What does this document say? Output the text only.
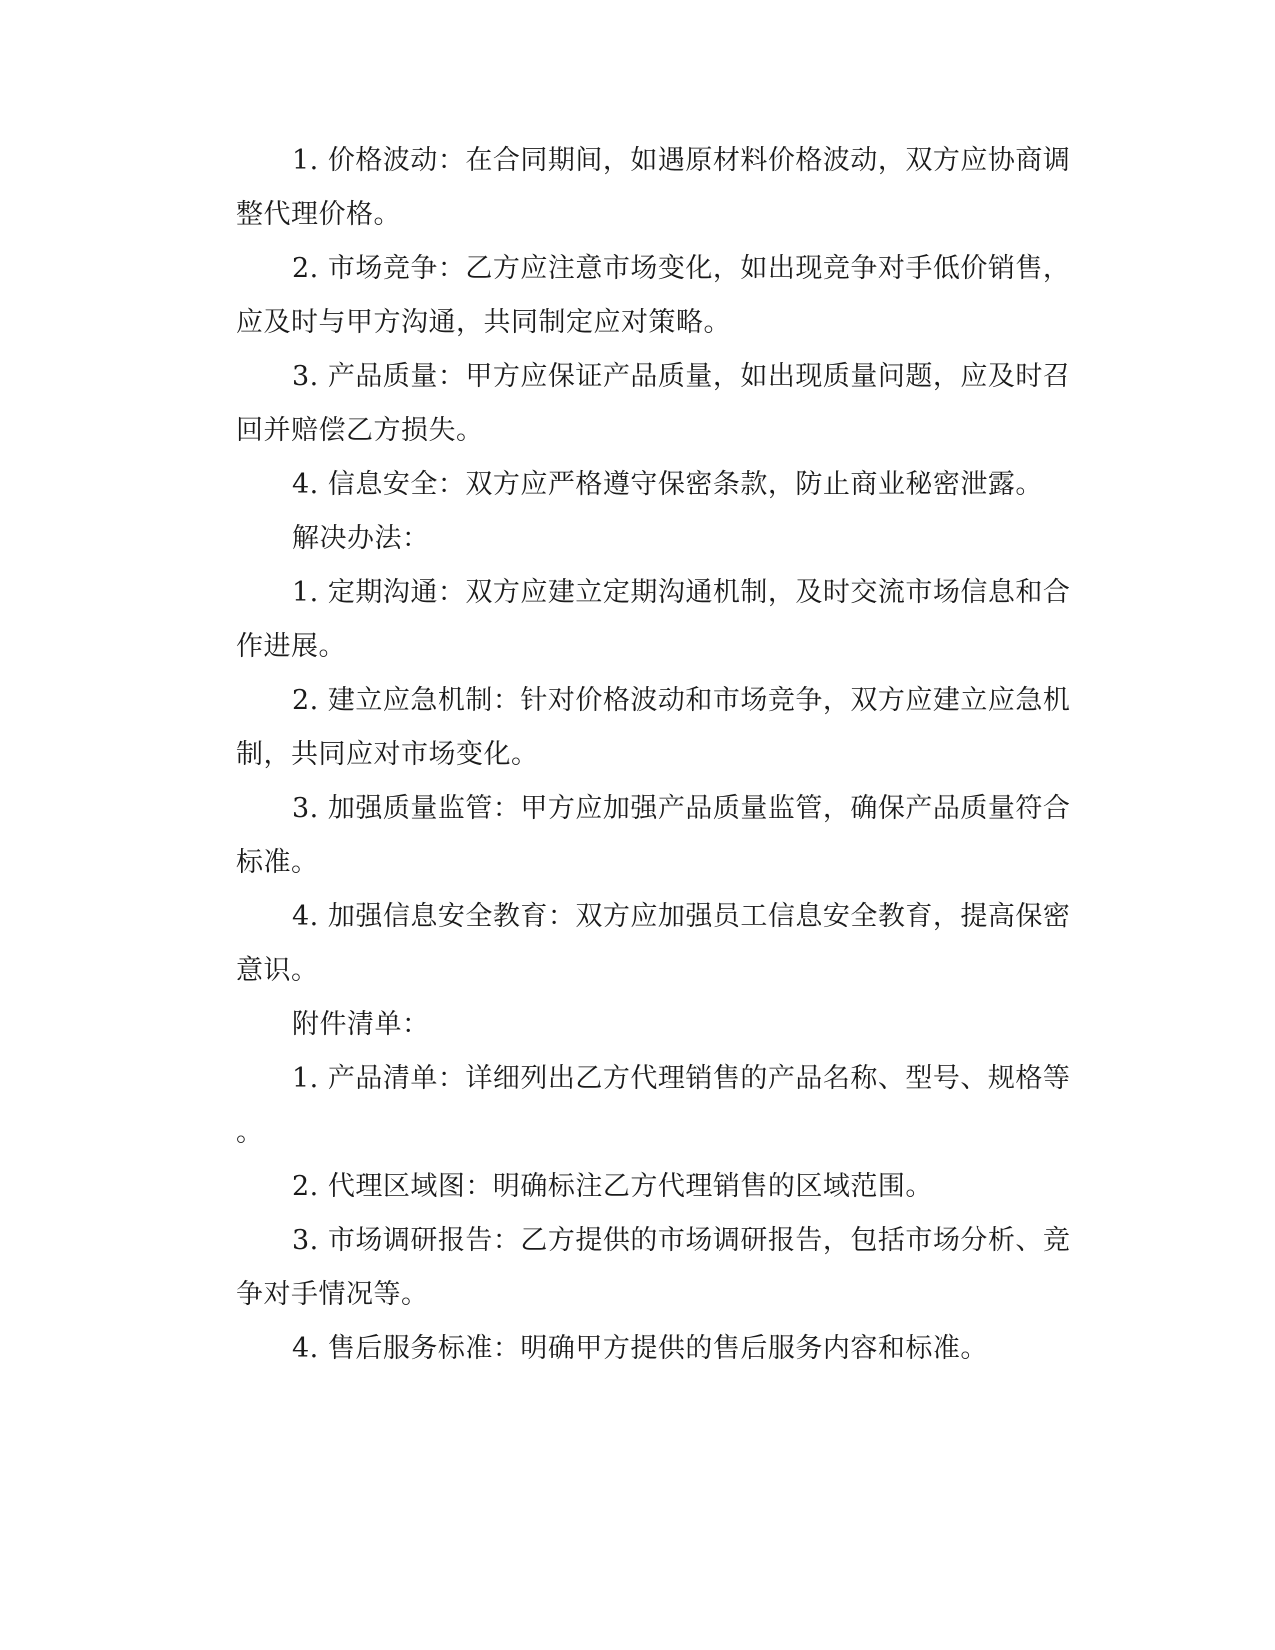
1. 价格波动：在合同期间，如遇原材料价格波动，双方应协商调
整代理价格。
2. 市场竞争：乙方应注意市场变化，如出现竞争对手低价销售，
应及时与甲方沟通，共同制定应对策略。
3. 产品质量：甲方应保证产品质量，如出现质量问题，应及时召
回并赔偿乙方损失。
4. 信息安全：双方应严格遵守保密条款，防止商业秘密泄露。
解决办法：
1. 定期沟通：双方应建立定期沟通机制，及时交流市场信息和合
作进展。
2. 建立应急机制：针对价格波动和市场竞争，双方应建立应急机
制，共同应对市场变化。
3. 加强质量监管：甲方应加强产品质量监管，确保产品质量符合
标准。
4. 加强信息安全教育：双方应加强员工信息安全教育，提高保密
意识。
附件清单：
1. 产品清单：详细列出乙方代理销售的产品名称、型号、规格等
。
2. 代理区域图：明确标注乙方代理销售的区域范围。
3. 市场调研报告：乙方提供的市场调研报告，包括市场分析、竞
争对手情况等。
4. 售后服务标准：明确甲方提供的售后服务内容和标准。
